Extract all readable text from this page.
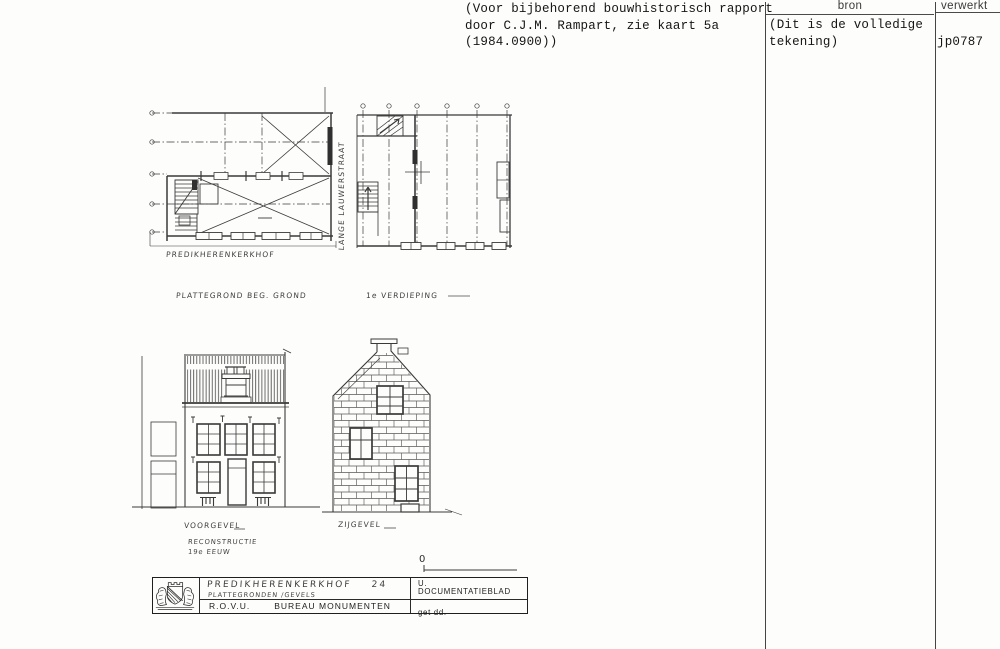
(Voor bijbehorend bouwhistorisch rapport
door C.J.M. Rampart, zie kaart 5a
(1984.0900))
bron	verwerkt
(Dit is de volledige
tekening)	jp0787
PREDIKHERENKERKHOF
LANGE LAUWERSTRAAT
PLATTEGROND BEG. GROND	1e VERDIEPING
VOORGEVEL
RECONSTRUCTIE
19e EEUW
ZIJGEVEL
0
PREDIKHERENKERKHOF 24
PLATTEGRONDEN /GEVELS
R.O.V.U.	BUREAU MONUMENTEN
U.
DOCUMENTATIEBLAD
get dd.
